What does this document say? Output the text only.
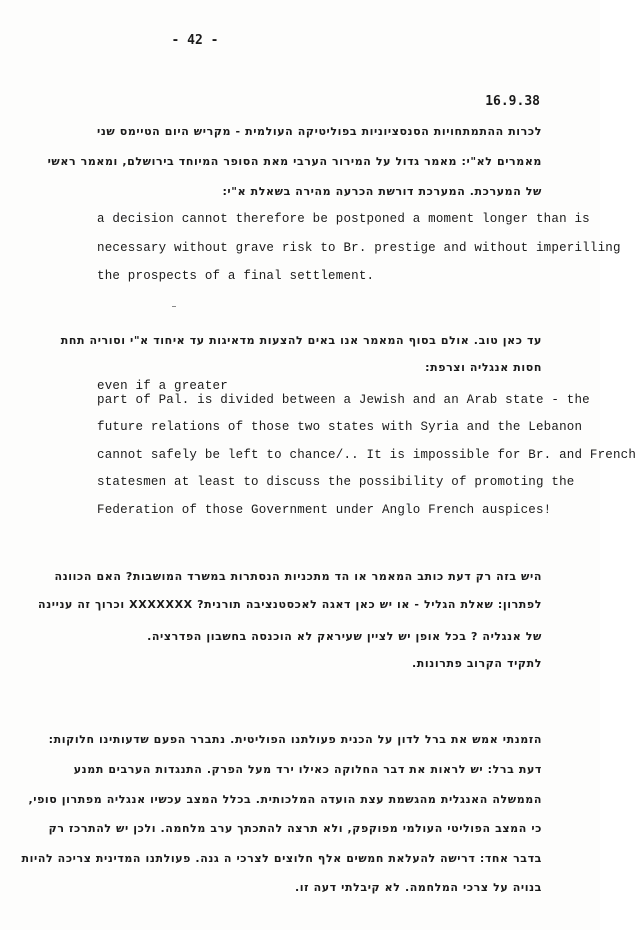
- 42 -
16.9.38
לכרות ההתמתחויות הסנסציוניות בפוליטיקה העולמית - מקריש היום הטיימס שני
מאמרים לא"י: מאמר גדול על המירור הערבי מאת הסופר המיוחד בירושלם, ומאמר ראשי
של המערכת. המערכת דורשת הכרעה מהירה בשאלת א"י:
a decision cannot therefore be postponed a moment longer than is
necessary without grave risk to Br. prestige and without imperilling
the prospects of a final settlement.
עד כאן טוב. אולם בסוף המאמר אנו באים להצעות מדאיגות עד איחוד א"י וסוריה תחת
חסות אנגליה וצרפת:
even if a greater
part of Pal. is divided between a Jewish and an Arab state - the
future relations of those two states with Syria and the Lebanon
cannot safely be left to chance/.. It is impossible for Br. and French
statesmen at least to discuss the possibility of promoting the
Federation of those Government under Anglo French auspices!
היש בזה רק דעת כותב המאמר או הד מתכניות הנסתרות במשרד המושבות? האם הכוונה
לפתרון: שאלת הגליל - או יש כאן דאגה לאכסטנציבה תורנית? XXXXXXX וכרוך זה עניינה
של אנגליה ? בכל אופן יש לציין שעיראק לא הוכנסה בחשבון הפדרציה.
לתקיד הקרוב פתרונות.
הזמנתי אמש את ברל לדון על הכנית פעולתנו הפוליטית. נתברר הפעם שדעותינו חלוקות:
דעת ברל: יש לראות את דבר החלוקה כאילו ירד מעל הפרק. התנגדות הערבים תמנע
הממשלה האנגלית מהגשמת עצת הועדה המלכותית. בכלל המצב עכשיו אנגליה מפתרון סופי,
כי המצב הפוליטי העולמי מפוקפק, ולא תרצה להתכתך ערב מלחמה. ולכן יש להתרכז רק
בדבר אחד: דרישה להעלאת חמשים אלף חלוצים לצרכי ה גנה. פעולתנו המדינית צריכה להיות
בנויה על צרכי המלחמה. לא קיבלתי דעה זו.
